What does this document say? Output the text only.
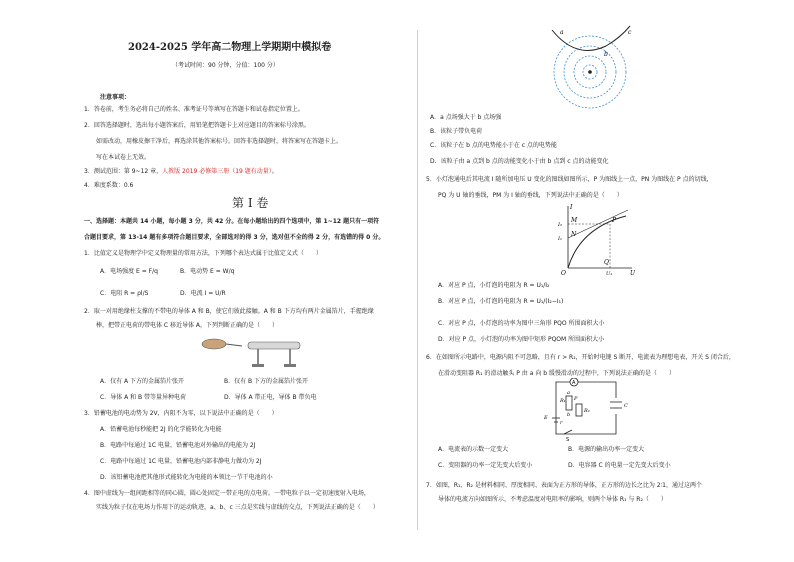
2024-2025 学年高二物理上学期期中模拟卷
（考试时间：90 分钟，分值：100 分）
注意事项：
1．答卷前，考生务必将自己的姓名、准考证号等填写在答题卡和试卷指定位置上。
2．回答选择题时，选出每小题答案后，用铅笔把答题卡上对应题目的答案标号涂黑。
如需改动，用橡皮擦干净后，再选涂其他答案标号。回答非选择题时，将答案写在答题卡上。
写在本试卷上无效。
3．测试范围：第 9~12 章，人教版 2019 必修第三册（19 题有动量）。
4．难度系数：0.6
第 I 卷
一、选择题：本题共 14 小题，每小题 3 分，共 42 分。在每小题给出的四个选项中，第 1~12 题只有一项符
合题目要求，第 13-14 题有多项符合题目要求，全部选对的得 3 分，选对但不全的得 2 分，有选错的得 0 分。
1．比值定义是物理学中定义物理量的常用方法，下列哪个表达式属于比值定义式（　　）
A．电场强度 E = F/q	B．电动势 E = W/q
C．电阻 R = ρl/S	D．电流 I = U/R
2．取一对用绝缘柱支撑的不带电的导体 A 和 B，使它们彼此接触。A 和 B 下方均有两片金属箔片，手握绝缘
棒，把带正电荷的带电体 C 移近导体 A，下列判断正确的是（　　）
A．仅有 A 下方的金属箔片张开	B．仅有 B 下方的金属箔片张开
C．导体 A 和 B 带等量异种电荷	D．导体 A 带正电，导体 B 带负电
3．铅蓄电池的电动势为 2V，内阻不为零，以下说法中正确的是（　　）
A．铅蓄电池每秒能把 2J 的化学能转化为电能
B．电路中每通过 1C 电量，铅蓄电池对外输出的电能为 2J
C．电路中每通过 1C 电量，铅蓄电池内部非静电力做功为 2J
D．该铅蓄电池把其他形式能转化为电能的本领比一节干电池的小
4．图中虚线为一组间距相等的同心圆，圆心处固定一带正电的点电荷。一带电粒子以一定初速度射入电场，
实线为粒子仅在电场力作用下的运动轨迹，a、b、c 三点是实线与虚线的交点，下列说法正确的是（　　）
a
b
c
A．a 点场强大于 b 点场强
B．该粒子带负电荷
C．该粒子在 b 点的电势能小于在 c 点的电势能
D．该粒子由 a 点到 b 点的动能变化小于由 b 点到 c 点的动能变化
5．小灯泡通电后其电流 I 随所加电压 U 变化的图线如图所示，P 为图线上一点，PN 为图线在 P 点的切线，
PQ 为 U 轴的垂线，PM 为 I 轴的垂线，下列说法中正确的是（　　）
I
U
O
P
M
N
Q
I₁
I₂
U₁
A．对应 P 点，小灯泡的电阻为 R = U₁/I₂
B．对应 P 点，小灯泡的电阻为 R = U₁/(I₂−I₁)
C．对应 P 点，小灯泡的功率为图中三角形 PQO 所围面积大小
D．对应 P 点，小灯泡的功率为图中矩形 PQOM 所围面积大小
6．在如图所示电路中，电源内阻不可忽略，且有 r > R₂，开始时电键 S 断开，电流表为理想电表，开关 S 闭合后，
在滑动变阻器 R₁ 的滑动触头 P 由 a 向 b 缓慢滑动的过程中，下列说法正确的是（　　）
A
R₁
R₂
E
r
S
C
a
b
P
A．电流表的示数一定变大	B．电源的输出功率一定变大
C．变阻器的功率一定先变大后变小	D．电容器 C 的电量一定先变大后变小
7．如图，R₁、R₂ 是材料相同、厚度相同、表面为正方形的导体，正方形的边长之比为 2∶1，通过这两个
导体的电流方向如图所示，不考虑温度对电阻率的影响，则两个导体 R₁ 与 R₂（　　）
